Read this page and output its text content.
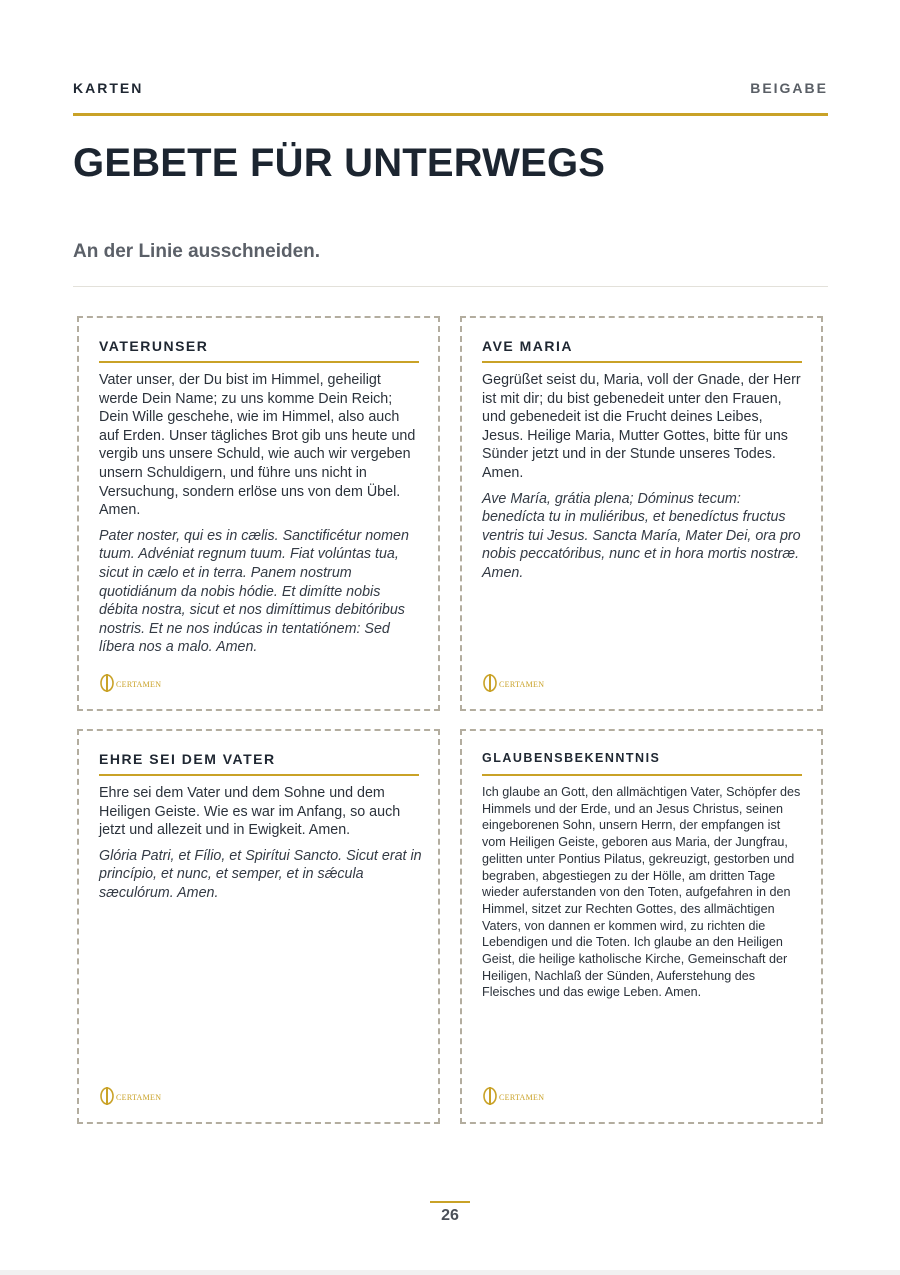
KARTEN	BEIGABE
GEBETE FÜR UNTERWEGS
An der Linie ausschneiden.
VATERUNSER

Vater unser, der Du bist im Himmel, geheiligt werde Dein Name; zu uns komme Dein Reich; Dein Wille geschehe, wie im Himmel, also auch auf Erden. Unser tägliches Brot gib uns heute und vergib uns unsere Schuld, wie auch wir vergeben unsern Schuldigern, und führe uns nicht in Versuchung, sondern erlöse uns von dem Übel. Amen.

Pater noster, qui es in cælis. Sanctificétur nomen tuum. Advéniat regnum tuum. Fiat volúntas tua, sicut in cælo et in terra. Panem nostrum quotidiánum da nobis hódie. Et dimítte nobis débita nostra, sicut et nos dimíttimus debitóribus nostris. Et ne nos indúcas in tentatiónem: Sed líbera nos a malo. Amen.

CERTAMEN
AVE MARIA

Gegrüßet seist du, Maria, voll der Gnade, der Herr ist mit dir; du bist gebenedeit unter den Frauen, und gebenedeit ist die Frucht deines Leibes, Jesus. Heilige Maria, Mutter Gottes, bitte für uns Sünder jetzt und in der Stunde unseres Todes. Amen.

Ave María, grátia plena; Dóminus tecum: benedícta tu in muliéribus, et benedíctus fructus ventris tui Jesus. Sancta María, Mater Dei, ora pro nobis peccatóribus, nunc et in hora mortis nostræ. Amen.

CERTAMEN
EHRE SEI DEM VATER

Ehre sei dem Vater und dem Sohne und dem Heiligen Geiste. Wie es war im Anfang, so auch jetzt und allezeit und in Ewigkeit. Amen.

Glória Patri, et Fílio, et Spirítui Sancto. Sicut erat in princípio, et nunc, et semper, et in sǽcula sæculórum. Amen.

CERTAMEN
GLAUBENSBEKENNTNIS

Ich glaube an Gott, den allmächtigen Vater, Schöpfer des Himmels und der Erde, und an Jesus Christus, seinen eingeborenen Sohn, unsern Herrn, der empfangen ist vom Heiligen Geiste, geboren aus Maria, der Jungfrau, gelitten unter Pontius Pilatus, gekreuzigt, gestorben und begraben, abgestiegen zu der Hölle, am dritten Tage wieder auferstanden von den Toten, aufgefahren in den Himmel, sitzet zur Rechten Gottes, des allmächtigen Vaters, von dannen er kommen wird, zu richten die Lebendigen und die Toten. Ich glaube an den Heiligen Geist, die heilige katholische Kirche, Gemeinschaft der Heiligen, Nachlaß der Sünden, Auferstehung des Fleisches und das ewige Leben. Amen.

CERTAMEN
26
